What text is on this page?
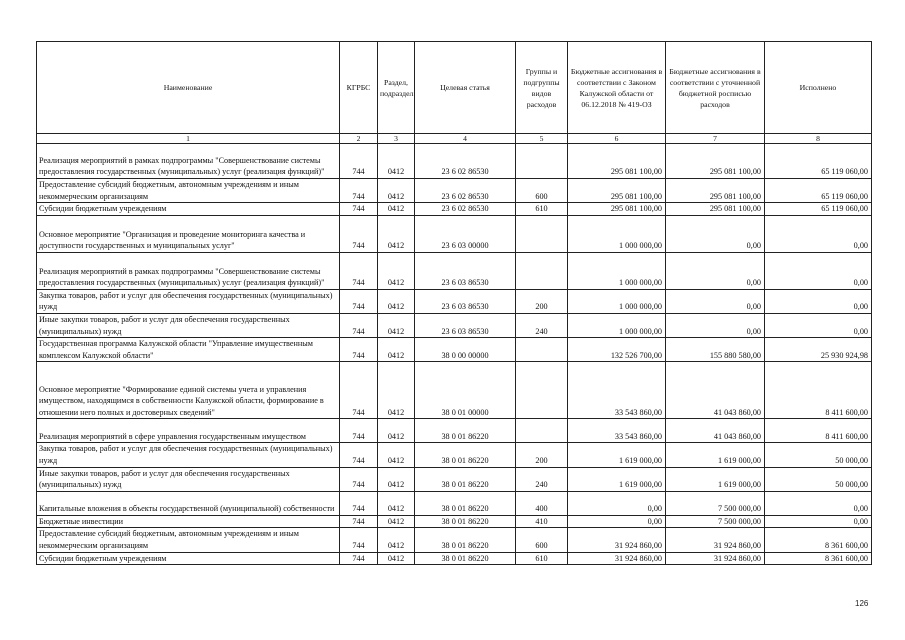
Наименование	КГРБС	Раздел, подраздел	Целевая статья	Группы и подгруппы видов расходов	Бюджетные ассигнования в соответствии с Законом Калужской области от 06.12.2018 № 419-ОЗ	Бюджетные ассигнования в соответствии с уточненной бюджетной росписью расходов	Исполнено
1	2	3	4	5	6	7	8
Реализация мероприятий в рамках подпрограммы "Совершенствование системы предоставления государственных (муниципальных) услуг (реализация функций)"	744	0412	23 6 02 86530		295 081 100,00	295 081 100,00	65 119 060,00
Предоставление субсидий бюджетным, автономным учреждениям и иным некоммерческим организациям	744	0412	23 6 02 86530	600	295 081 100,00	295 081 100,00	65 119 060,00
Субсидии бюджетным учреждениям	744	0412	23 6 02 86530	610	295 081 100,00	295 081 100,00	65 119 060,00
Основное мероприятие "Организация и проведение мониторинга качества и доступности государственных и муниципальных услуг"	744	0412	23 6 03 00000		1 000 000,00	0,00	0,00
Реализация мероприятий в рамках подпрограммы "Совершенствование системы предоставления государственных (муниципальных) услуг (реализация функций)"	744	0412	23 6 03 86530		1 000 000,00	0,00	0,00
Закупка товаров, работ и услуг для обеспечения государственных (муниципальных) нужд	744	0412	23 6 03 86530	200	1 000 000,00	0,00	0,00
Иные закупки товаров, работ и услуг для обеспечения государственных (муниципальных) нужд	744	0412	23 6 03 86530	240	1 000 000,00	0,00	0,00
Государственная программа Калужской области "Управление имущественным комплексом Калужской области"	744	0412	38 0 00 00000		132 526 700,00	155 880 580,00	25 930 924,98
Основное мероприятие "Формирование единой системы учета и управления имуществом, находящимся в собственности Калужской области, формирование в отношении него полных и достоверных сведений"	744	0412	38 0 01 00000		33 543 860,00	41 043 860,00	8 411 600,00
Реализация мероприятий в сфере управления государственным имуществом	744	0412	38 0 01 86220		33 543 860,00	41 043 860,00	8 411 600,00
Закупка товаров, работ и услуг для обеспечения государственных (муниципальных) нужд	744	0412	38 0 01 86220	200	1 619 000,00	1 619 000,00	50 000,00
Иные закупки товаров, работ и услуг для обеспечения государственных (муниципальных) нужд	744	0412	38 0 01 86220	240	1 619 000,00	1 619 000,00	50 000,00
Капитальные вложения в объекты государственной (муниципальной) собственности	744	0412	38 0 01 86220	400	0,00	7 500 000,00	0,00
Бюджетные инвестиции	744	0412	38 0 01 86220	410	0,00	7 500 000,00	0,00
Предоставление субсидий бюджетным, автономным учреждениям и иным некоммерческим организациям	744	0412	38 0 01 86220	600	31 924 860,00	31 924 860,00	8 361 600,00
Субсидии бюджетным учреждениям	744	0412	38 0 01 86220	610	31 924 860,00	31 924 860,00	8 361 600,00
126
